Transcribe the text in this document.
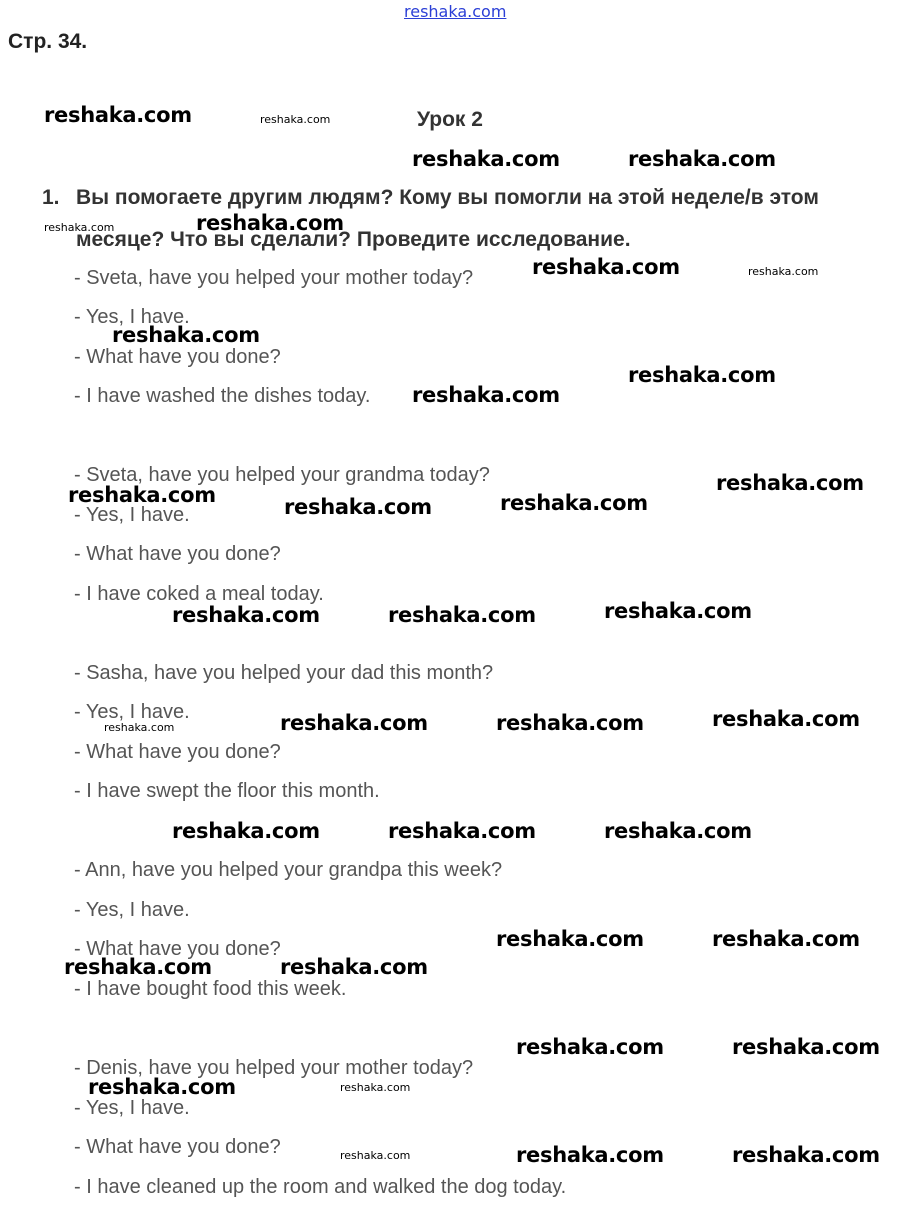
reshaka.com
Стр. 34.
Урок 2
1. Вы помогаете другим людям? Кому вы помогли на этой неделе/в этом
месяце? Что вы сделали? Проведите исследование.
- Sveta, have you helped your mother today?
- Yes, I have.
- What have you done?
- I have washed the dishes today.
- Sveta, have you helped your grandma today?
- Yes, I have.
- What have you done?
- I have coked a meal today.
- Sasha, have you helped your dad this month?
- Yes, I have.
- What have you done?
- I have swept the floor this month.
- Ann, have you helped your grandpa this week?
- Yes, I have.
- What have you done?
- I have bought food this week.
- Denis, have you helped your mother today?
- Yes, I have.
- What have you done?
- I have cleaned up the room and walked the dog today.
reshaka.com	reshaka.com
reshaka.com	reshaka.com
reshaka.com	reshaka.com
reshaka.com	reshaka.com
reshaka.com
reshaka.com
reshaka.com
reshaka.com
reshaka.com	reshaka.com
reshaka.com
reshaka.com
reshaka.com	reshaka.com
reshaka.com
reshaka.com	reshaka.com
reshaka.com
reshaka.com	reshaka.com	reshaka.com
reshaka.com	reshaka.com
reshaka.com	reshaka.com
reshaka.com	reshaka.com
reshaka.com	reshaka.com
reshaka.com	reshaka.com	reshaka.com
